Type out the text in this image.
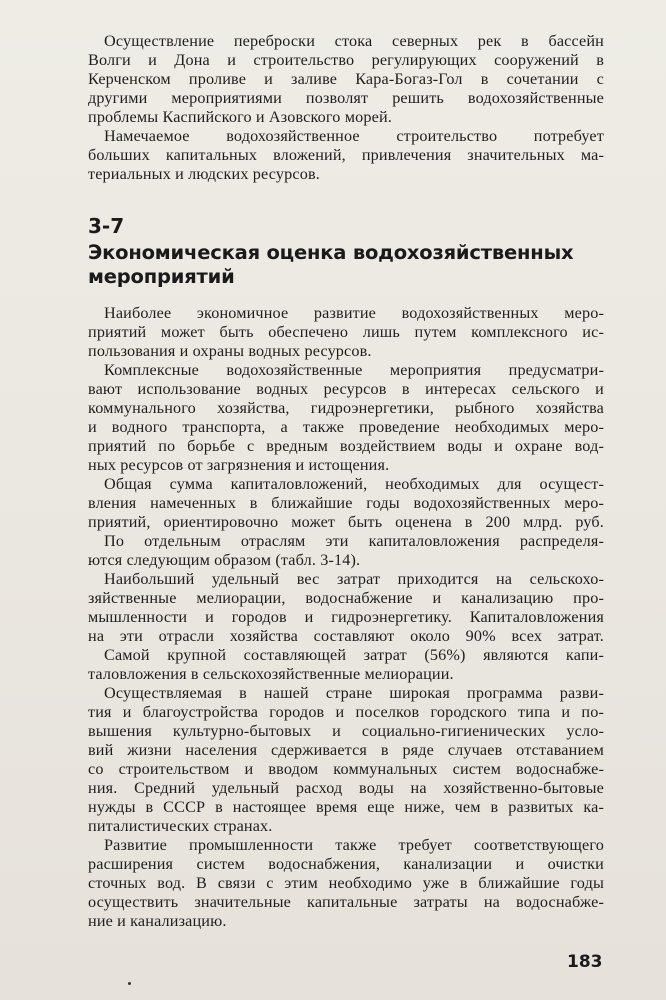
Осуществление переброски стока северных рек в бассейн
Волги и Дона и строительство регулирующих сооружений в
Керченском проливе и заливе Кара-Богаз-Гол в сочетании с
другими мероприятиями позволят решить водохозяйственные
проблемы Каспийского и Азовского морей.

Намечаемое водохозяйственное строительство потребует
больших капитальных вложений, привлечения значительных ма-
териальных и людских ресурсов.

3-7
Экономическая оценка водохозяйственных
мероприятий

Наиболее экономичное развитие водохозяйственных меро-
приятий может быть обеспечено лишь путем комплексного ис-
пользования и охраны водных ресурсов.

Комплексные водохозяйственные мероприятия предусматри-
вают использование водных ресурсов в интересах сельского и
коммунального хозяйства, гидроэнергетики, рыбного хозяйства
и водного транспорта, а также проведение необходимых меро-
приятий по борьбе с вредным воздействием воды и охране вод-
ных ресурсов от загрязнения и истощения.

Общая сумма капиталовложений, необходимых для осущест-
вления намеченных в ближайшие годы водохозяйственных меро-
приятий, ориентировочно может быть оценена в 200 млрд. руб.

По отдельным отраслям эти капиталовложения распределя-
ются следующим образом (табл. 3-14).

Наибольший удельный вес затрат приходится на сельскохо-
зяйственные мелиорации, водоснабжение и канализацию про-
мышленности и городов и гидроэнергетику. Капиталовложения
на эти отрасли хозяйства составляют около 90% всех затрат.

Самой крупной составляющей затрат (56%) являются капи-
таловложения в сельскохозяйственные мелиорации.

Осуществляемая в нашей стране широкая программа разви-
тия и благоустройства городов и поселков городского типа и по-
вышения культурно-бытовых и социально-гигиенических усло-
вий жизни населения сдерживается в ряде случаев отставанием
со строительством и вводом коммунальных систем водоснабже-
ния. Средний удельный расход воды на хозяйственно-бытовые
нужды в СССР в настоящее время еще ниже, чем в развитых ка-
питалистических странах.

Развитие промышленности также требует соответствующего
расширения систем водоснабжения, канализации и очистки
сточных вод. В связи с этим необходимо уже в ближайшие годы
осуществить значительные капитальные затраты на водоснабже-
ние и канализацию.

183
